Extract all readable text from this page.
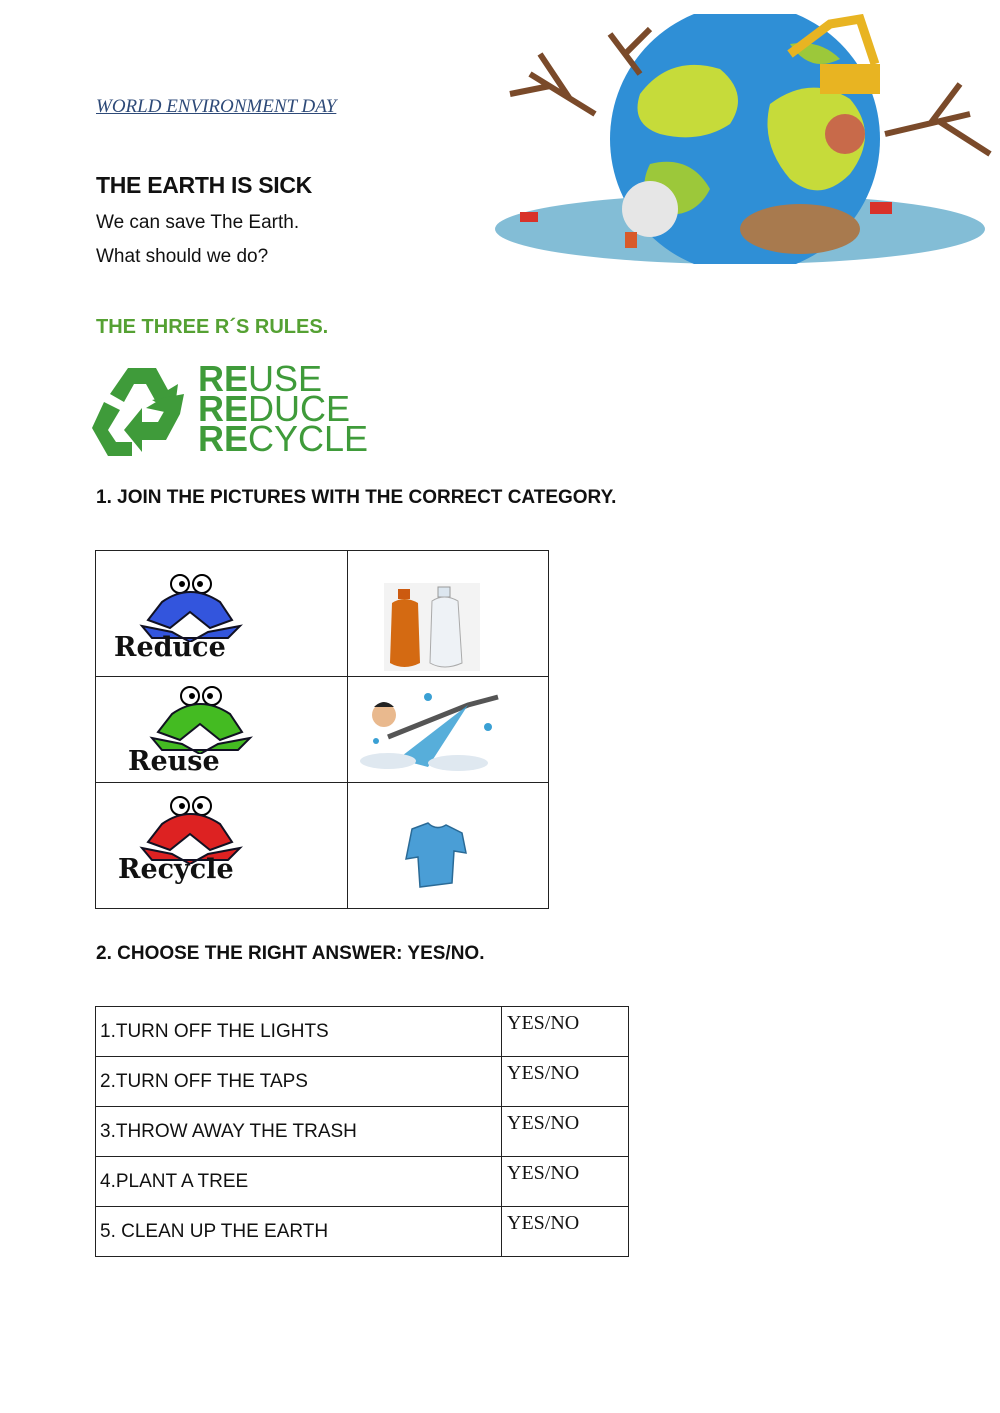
WORLD ENVIRONMENT DAY
THE EARTH IS SICK
We can save The Earth.
What should we do?
THE THREE R´S RULES.
REUSE
REDUCE
RECYCLE
1. JOIN THE PICTURES WITH THE CORRECT CATEGORY.
Reduce

Reuse

Recycle

2. CHOOSE THE RIGHT ANSWER: YES/NO.
1.TURN OFF THE LIGHTS	YES/NO
2.TURN OFF THE TAPS	YES/NO
3.THROW AWAY THE TRASH	YES/NO
4.PLANT A TREE	YES/NO
5. CLEAN UP THE EARTH	YES/NO
